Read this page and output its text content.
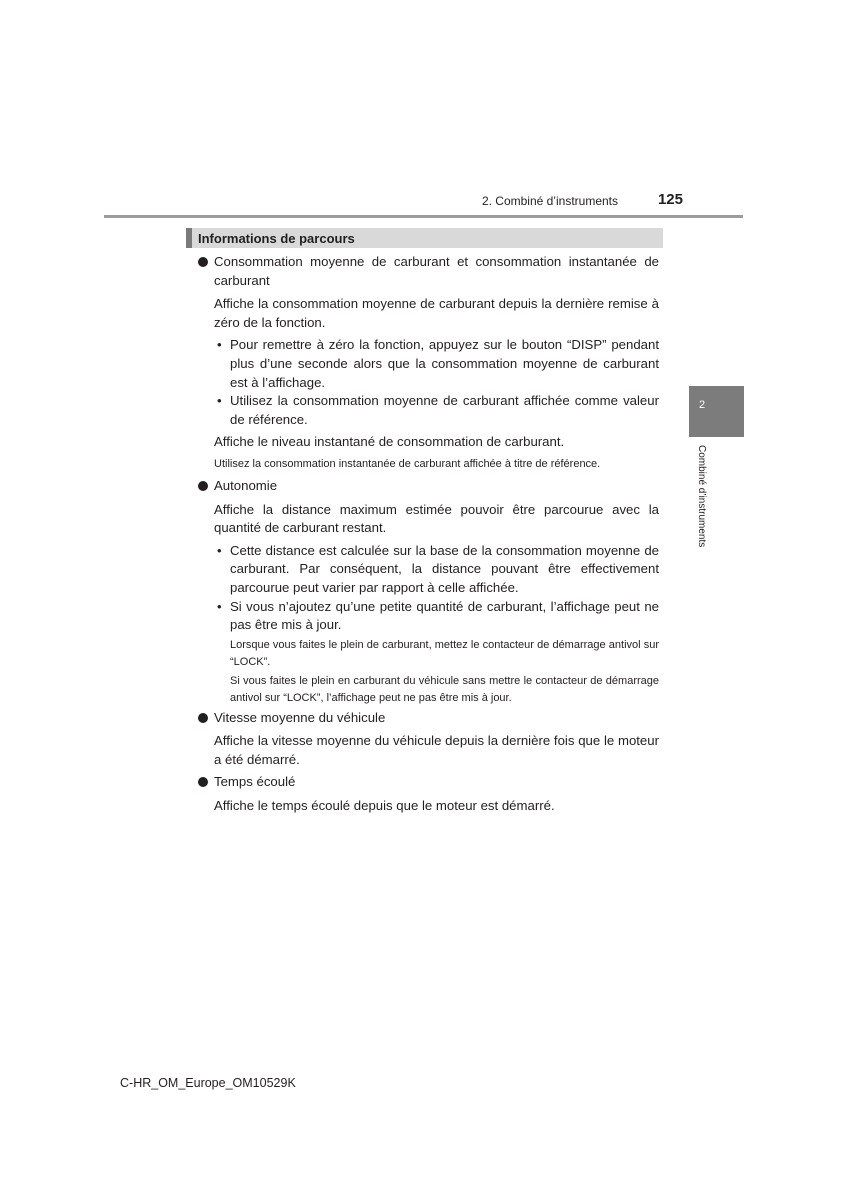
2. Combiné d’instruments	125
2
Combiné d’instruments
Informations de parcours
Consommation moyenne de carburant et consommation instantanée de carburant
Affiche la consommation moyenne de carburant depuis la dernière remise à zéro de la fonction.
• Pour remettre à zéro la fonction, appuyez sur le bouton “DISP” pendant plus d’une seconde alors que la consommation moyenne de carburant est à l’affichage.
• Utilisez la consommation moyenne de carburant affichée comme valeur de référence.
Affiche le niveau instantané de consommation de carburant.
Utilisez la consommation instantanée de carburant affichée à titre de référence.
Autonomie
Affiche la distance maximum estimée pouvoir être parcourue avec la quantité de carburant restant.
• Cette distance est calculée sur la base de la consommation moyenne de carburant. Par conséquent, la distance pouvant être effectivement parcourue peut varier par rapport à celle affichée.
• Si vous n’ajoutez qu’une petite quantité de carburant, l’affichage peut ne pas être mis à jour.
Lorsque vous faites le plein de carburant, mettez le contacteur de démarrage antivol sur “LOCK”.
Si vous faites le plein en carburant du véhicule sans mettre le contacteur de démarrage antivol sur “LOCK”, l’affichage peut ne pas être mis à jour.
Vitesse moyenne du véhicule
Affiche la vitesse moyenne du véhicule depuis la dernière fois que le moteur a été démarré.
Temps écoulé
Affiche le temps écoulé depuis que le moteur est démarré.
C-HR_OM_Europe_OM10529K
